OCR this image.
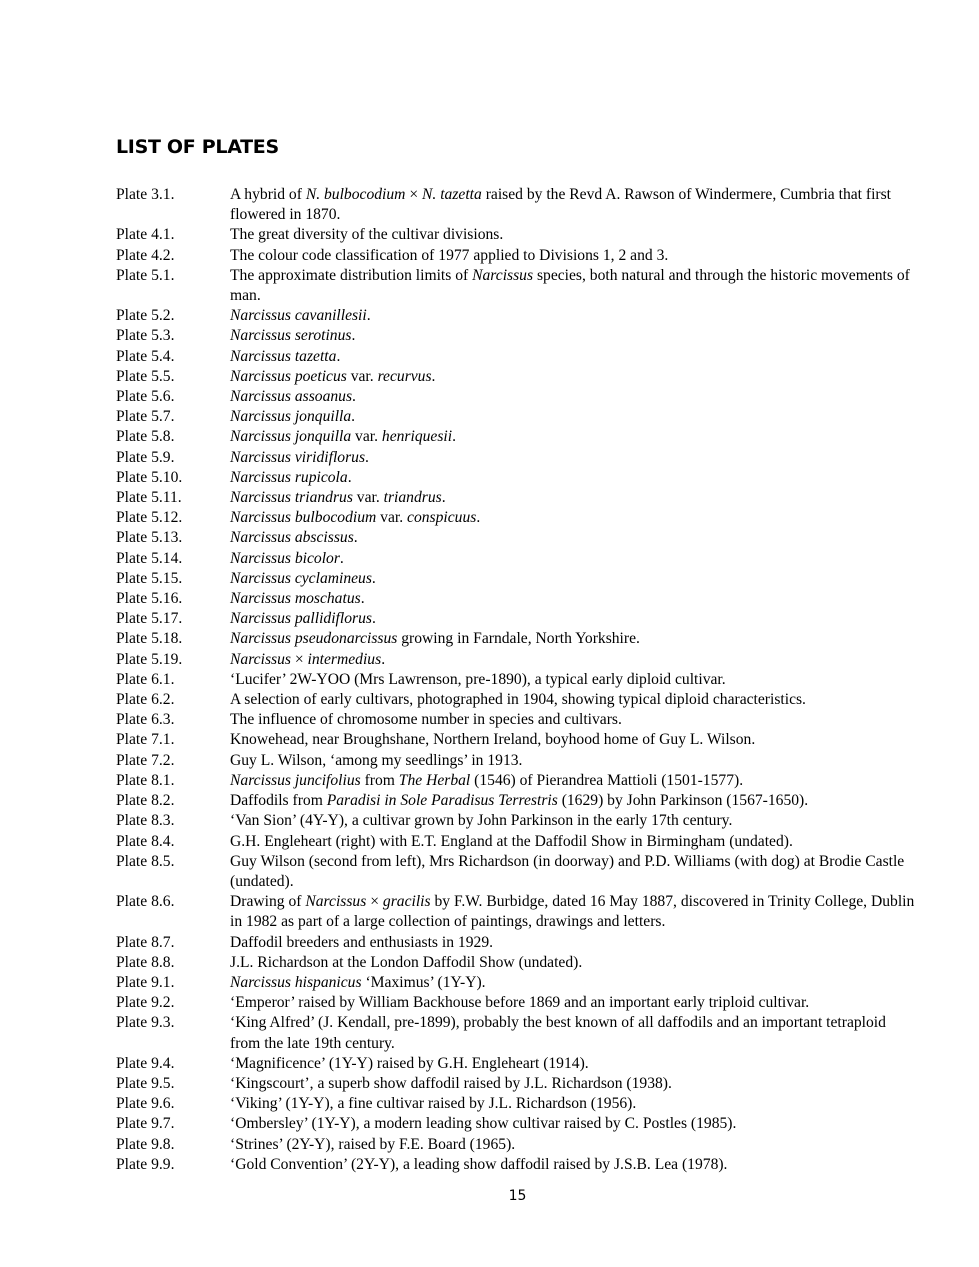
LIST OF PLATES
Plate 3.1.	A hybrid of N. bulbocodium × N. tazetta raised by the Revd A. Rawson of Windermere, Cumbria that first flowered in 1870.
Plate 4.1.	The great diversity of the cultivar divisions.
Plate 4.2.	The colour code classification of 1977 applied to Divisions 1, 2 and 3.
Plate 5.1.	The approximate distribution limits of Narcissus species, both natural and through the historic movements of man.
Plate 5.2.	Narcissus cavanillesii.
Plate 5.3.	Narcissus serotinus.
Plate 5.4.	Narcissus tazetta.
Plate 5.5.	Narcissus poeticus var. recurvus.
Plate 5.6.	Narcissus assoanus.
Plate 5.7.	Narcissus jonquilla.
Plate 5.8.	Narcissus jonquilla var. henriquesii.
Plate 5.9.	Narcissus viridiflorus.
Plate 5.10.	Narcissus rupicola.
Plate 5.11.	Narcissus triandrus var. triandrus.
Plate 5.12.	Narcissus bulbocodium var. conspicuus.
Plate 5.13.	Narcissus abscissus.
Plate 5.14.	Narcissus bicolor.
Plate 5.15.	Narcissus cyclamineus.
Plate 5.16.	Narcissus moschatus.
Plate 5.17.	Narcissus pallidiflorus.
Plate 5.18.	Narcissus pseudonarcissus growing in Farndale, North Yorkshire.
Plate 5.19.	Narcissus × intermedius.
Plate 6.1.	‘Lucifer’ 2W-YOO (Mrs Lawrenson, pre-1890), a typical early diploid cultivar.
Plate 6.2.	A selection of early cultivars, photographed in 1904, showing typical diploid characteristics.
Plate 6.3.	The influence of chromosome number in species and cultivars.
Plate 7.1.	Knowehead, near Broughshane, Northern Ireland, boyhood home of Guy L. Wilson.
Plate 7.2.	Guy L. Wilson, ‘among my seedlings’ in 1913.
Plate 8.1.	Narcissus juncifolius from The Herbal (1546) of Pierandrea Mattioli (1501-1577).
Plate 8.2.	Daffodils from Paradisi in Sole Paradisus Terrestris (1629) by John Parkinson (1567-1650).
Plate 8.3.	‘Van Sion’ (4Y-Y), a cultivar grown by John Parkinson in the early 17th century.
Plate 8.4.	G.H. Engleheart (right) with E.T. England at the Daffodil Show in Birmingham (undated).
Plate 8.5.	Guy Wilson (second from left), Mrs Richardson (in doorway) and P.D. Williams (with dog) at Brodie Castle (undated).
Plate 8.6.	Drawing of Narcissus × gracilis by F.W. Burbidge, dated 16 May 1887, discovered in Trinity College, Dublin in 1982 as part of a large collection of paintings, drawings and letters.
Plate 8.7.	Daffodil breeders and enthusiasts in 1929.
Plate 8.8.	J.L. Richardson at the London Daffodil Show (undated).
Plate 9.1.	Narcissus hispanicus ‘Maximus’ (1Y-Y).
Plate 9.2.	‘Emperor’ raised by William Backhouse before 1869 and an important early triploid cultivar.
Plate 9.3.	‘King Alfred’ (J. Kendall, pre-1899), probably the best known of all daffodils and an important tetraploid from the late 19th century.
Plate 9.4.	‘Magnificence’ (1Y-Y) raised by G.H. Engleheart (1914).
Plate 9.5.	‘Kingscourt’, a superb show daffodil raised by J.L. Richardson (1938).
Plate 9.6.	‘Viking’ (1Y-Y), a fine cultivar raised by J.L. Richardson (1956).
Plate 9.7.	‘Ombersley’ (1Y-Y), a modern leading show cultivar raised by C. Postles (1985).
Plate 9.8.	‘Strines’ (2Y-Y), raised by F.E. Board (1965).
Plate 9.9.	‘Gold Convention’ (2Y-Y), a leading show daffodil raised by J.S.B. Lea (1978).
15
